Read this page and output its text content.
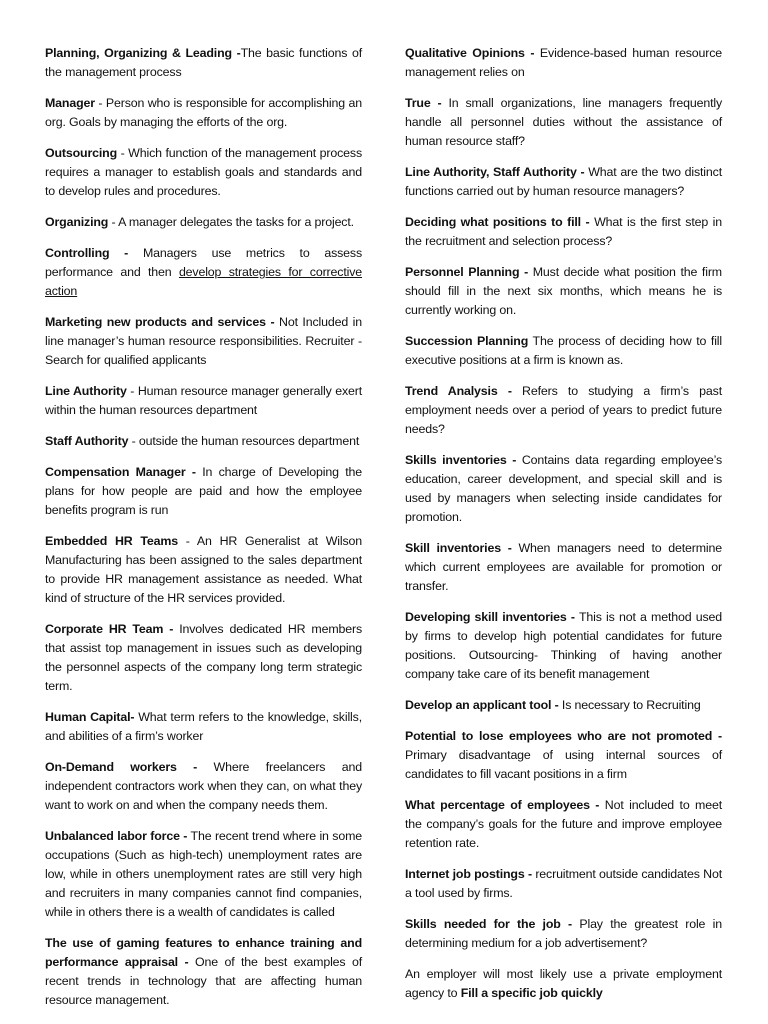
Planning, Organizing & Leading -The basic functions of the management process

Manager - Person who is responsible for accomplishing an org. Goals by managing the efforts of the org.

Outsourcing - Which function of the management process requires a manager to establish goals and standards and to develop rules and procedures.

Organizing - A manager delegates the tasks for a project.

Controlling - Managers use metrics to assess performance and then develop strategies for corrective action

Marketing new products and services - Not Included in line manager’s human resource responsibilities. Recruiter - Search for qualified applicants

Line Authority - Human resource manager generally exert within the human resources department

Staff Authority - outside the human resources department

Compensation Manager - In charge of Developing the plans for how people are paid and how the employee benefits program is run

Embedded HR Teams - An HR Generalist at Wilson Manufacturing has been assigned to the sales department to provide HR management assistance as needed. What kind of structure of the HR services provided.

Corporate HR Team - Involves dedicated HR members that assist top management in issues such as developing the personnel aspects of the company long term strategic term.

Human Capital- What term refers to the knowledge, skills, and abilities of a firm’s worker

On-Demand workers - Where freelancers and independent contractors work when they can, on what they want to work on and when the company needs them.

Unbalanced labor force - The recent trend where in some occupations (Such as high-tech) unemployment rates are low, while in others unemployment rates are still very high and recruiters in many companies cannot find companies, while in others there is a wealth of candidates is called

The use of gaming features to enhance training and performance appraisal - One of the best examples of recent trends in technology that are affecting human resource management.

Qualitative Opinions - Evidence-based human resource management relies on

True - In small organizations, line managers frequently handle all personnel duties without the assistance of human resource staff?

Line Authority, Staff Authority - What are the two distinct functions carried out by human resource managers?

Deciding what positions to fill - What is the first step in the recruitment and selection process?

Personnel Planning - Must decide what position the firm should fill in the next six months, which means he is currently working on.

Succession Planning The process of deciding how to fill executive positions at a firm is known as.

Trend Analysis - Refers to studying a firm’s past employment needs over a period of years to predict future needs?

Skills inventories - Contains data regarding employee’s education, career development, and special skill and is used by managers when selecting inside candidates for promotion.

Skill inventories - When managers need to determine which current employees are available for promotion or transfer.

Developing skill inventories - This is not a method used by firms to develop high potential candidates for future positions. Outsourcing- Thinking of having another company take care of its benefit management

Develop an applicant tool - Is necessary to Recruiting

Potential to lose employees who are not promoted - Primary disadvantage of using internal sources of candidates to fill vacant positions in a firm

What percentage of employees - Not included to meet the company’s goals for the future and improve employee retention rate.

Internet job postings - recruitment outside candidates Not a tool used by firms.

Skills needed for the job - Play the greatest role in determining medium for a job advertisement?

An employer will most likely use a private employment agency to Fill a specific job quickly
